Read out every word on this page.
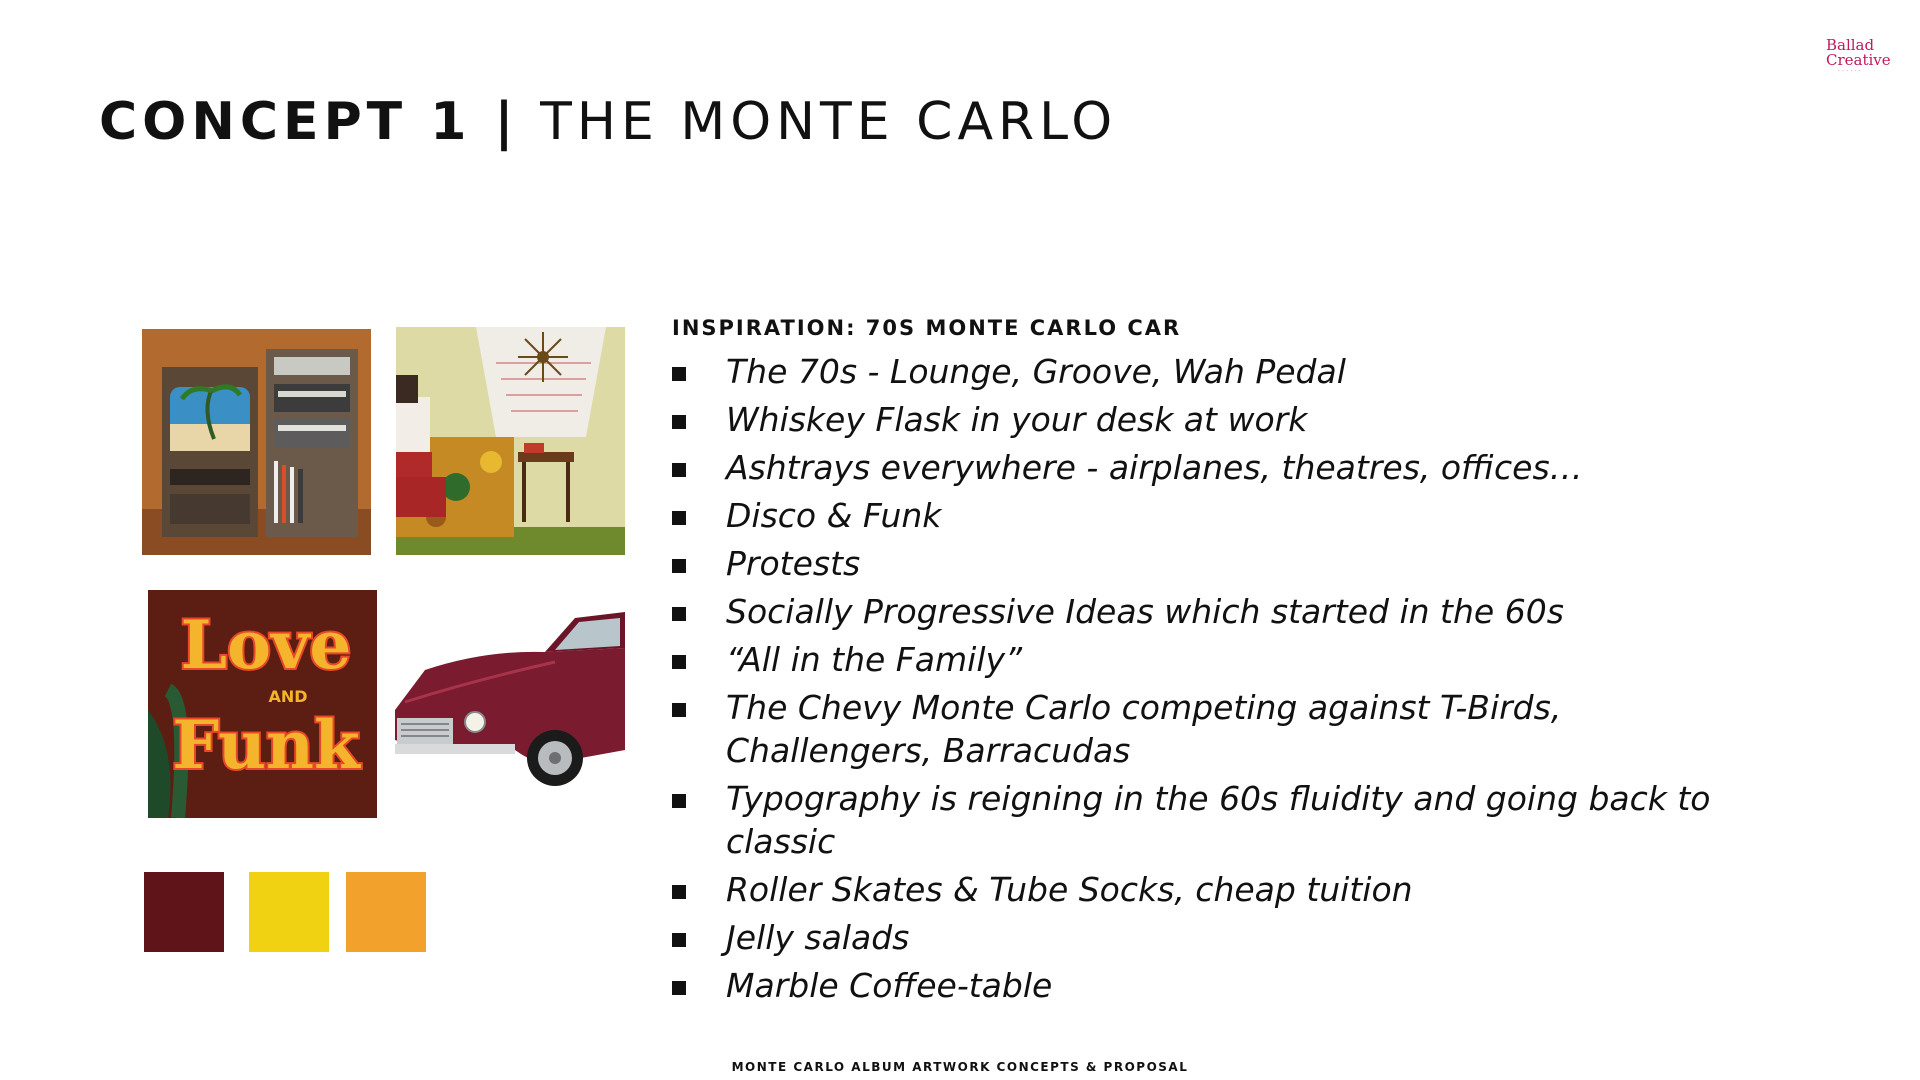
CONCEPT 1 | THE MONTE CARLO
Ballad
Creative
· · · · · ·
Love
AND
Funk
INSPIRATION: 70S MONTE CARLO CAR
The 70s - Lounge, Groove, Wah Pedal
Whiskey Flask in your desk at work
Ashtrays everywhere - airplanes, theatres, offices…
Disco & Funk
Protests
Socially Progressive Ideas which started in the 60s
“All in the Family”
The Chevy Monte Carlo competing against T-Birds, Challengers, Barracudas
Typography is reigning in the 60s fluidity and going back to classic
Roller Skates & Tube Socks, cheap tuition
Jelly salads
Marble Coffee-table
MONTE CARLO ALBUM ARTWORK CONCEPTS & PROPOSAL
